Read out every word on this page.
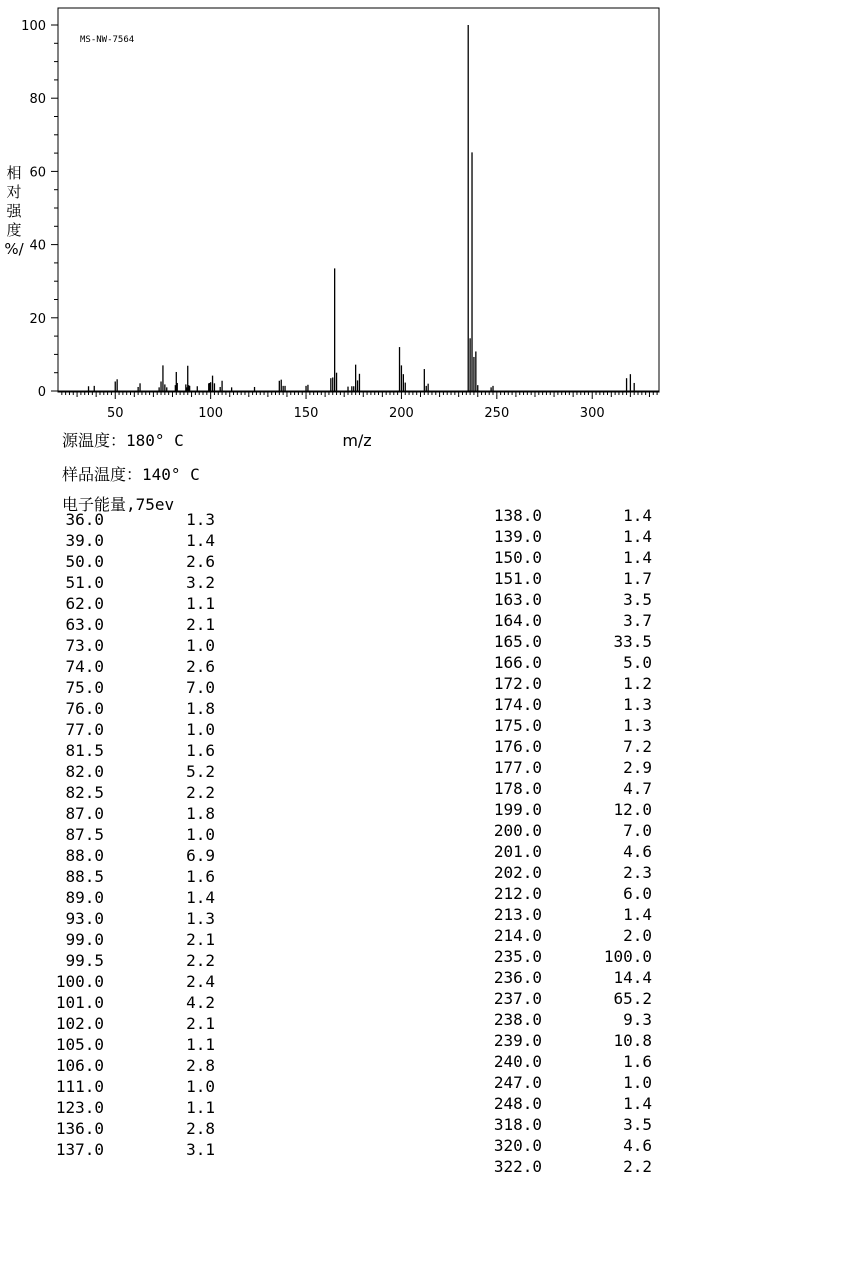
MS-NW-7564
m/z
相
对
强
度
%/
0
20
40
60
80
100
50	100	150	200	250	300
源温度：180° C
样品温度：140° C
电子能量,75ev
36.0	1.3
39.0	1.4
50.0	2.6
51.0	3.2
62.0	1.1
63.0	2.1
73.0	1.0
74.0	2.6
75.0	7.0
76.0	1.8
77.0	1.0
81.5	1.6
82.0	5.2
82.5	2.2
87.0	1.8
87.5	1.0
88.0	6.9
88.5	1.6
89.0	1.4
93.0	1.3
99.0	2.1
99.5	2.2
100.0	2.4
101.0	4.2
102.0	2.1
105.0	1.1
106.0	2.8
111.0	1.0
123.0	1.1
136.0	2.8
137.0	3.1
138.0	1.4
139.0	1.4
150.0	1.4
151.0	1.7
163.0	3.5
164.0	3.7
165.0	33.5
166.0	5.0
172.0	1.2
174.0	1.3
175.0	1.3
176.0	7.2
177.0	2.9
178.0	4.7
199.0	12.0
200.0	7.0
201.0	4.6
202.0	2.3
212.0	6.0
213.0	1.4
214.0	2.0
235.0	100.0
236.0	14.4
237.0	65.2
238.0	9.3
239.0	10.8
240.0	1.6
247.0	1.0
248.0	1.4
318.0	3.5
320.0	4.6
322.0	2.2
